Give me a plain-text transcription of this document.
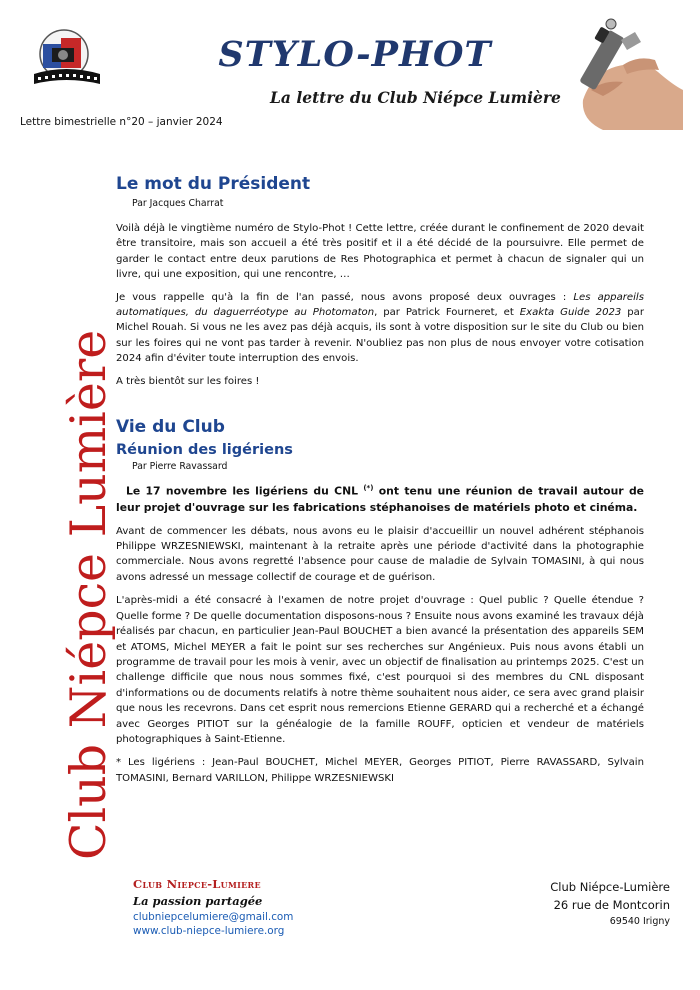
STYLO-PHOT
La lettre du Club Niépce Lumière
Lettre bimestrielle n°20 – janvier 2024
Club Niépce Lumière
Le mot du Président
Par Jacques Charrat

Voilà déjà le vingtième numéro de Stylo-Phot ! Cette lettre, créée durant le confinement de 2020 devait être transitoire, mais son accueil a été très positif et il a été décidé de la poursuivre. Elle permet de garder le contact entre deux parutions de Res Photographica et permet à chacun de signaler qui un livre, qui une exposition, qui une rencontre, …

Je vous rappelle qu'à la fin de l'an passé, nous avons proposé deux ouvrages : Les appareils automatiques, du daguerréotype au Photomaton, par Patrick Fourneret, et Exakta Guide 2023 par Michel Rouah. Si vous ne les avez pas déjà acquis, ils sont à votre disposition sur le site du Club ou bien sur les foires qui ne vont pas tarder à revenir. N'oubliez pas non plus de nous envoyer votre cotisation 2024 afin d'éviter toute interruption des envois.

A très bientôt sur les foires !

Vie du Club
Réunion des ligériens
Par Pierre Ravassard

Le 17 novembre les ligériens du CNL (*) ont tenu une réunion de travail autour de leur projet d'ouvrage sur les fabrications stéphanoises de matériels photo et cinéma.

Avant de commencer les débats, nous avons eu le plaisir d'accueillir un nouvel adhérent stéphanois Philippe WRZESNIEWSKI, maintenant à la retraite après une période d'activité dans la photographie commerciale. Nous avons regretté l'absence pour cause de maladie de Sylvain TOMASINI, à qui nous avons adressé un message collectif de courage et de guérison.

L'après-midi a été consacré à l'examen de notre projet d'ouvrage : Quel public ? Quelle étendue ? Quelle forme ? De quelle documentation disposons-nous ? Ensuite nous avons examiné les travaux déjà réalisés par chacun, en particulier Jean-Paul BOUCHET a bien avancé la présentation des appareils SEM et ATOMS, Michel MEYER a fait le point sur ses recherches sur Angénieux. Puis nous avons établi un programme de travail pour les mois à venir, avec un objectif de finalisation au printemps 2025. C'est un challenge difficile que nous nous sommes fixé, c'est pourquoi si des membres du CNL disposant d'informations ou de documents relatifs à notre thème souhaitent nous aider, ce sera avec grand plaisir que nous les recevrons. Dans cet esprit nous remercions Etienne GERARD qui a recherché et a échangé avec Georges PITIOT sur la généalogie de la famille ROUFF, opticien et vendeur de matériels photographiques à Saint-Etienne.

* Les ligériens : Jean-Paul BOUCHET, Michel MEYER, Georges PITIOT, Pierre RAVASSARD, Sylvain TOMASINI, Bernard VARILLON, Philippe WRZESNIEWSKI

Club Niepce-Lumiere
La passion partagée
clubniepcelumiere@gmail.com
www.club-niepce-lumiere.org
Club Niépce-Lumière
26 rue de Montcorin
69540 Irigny
